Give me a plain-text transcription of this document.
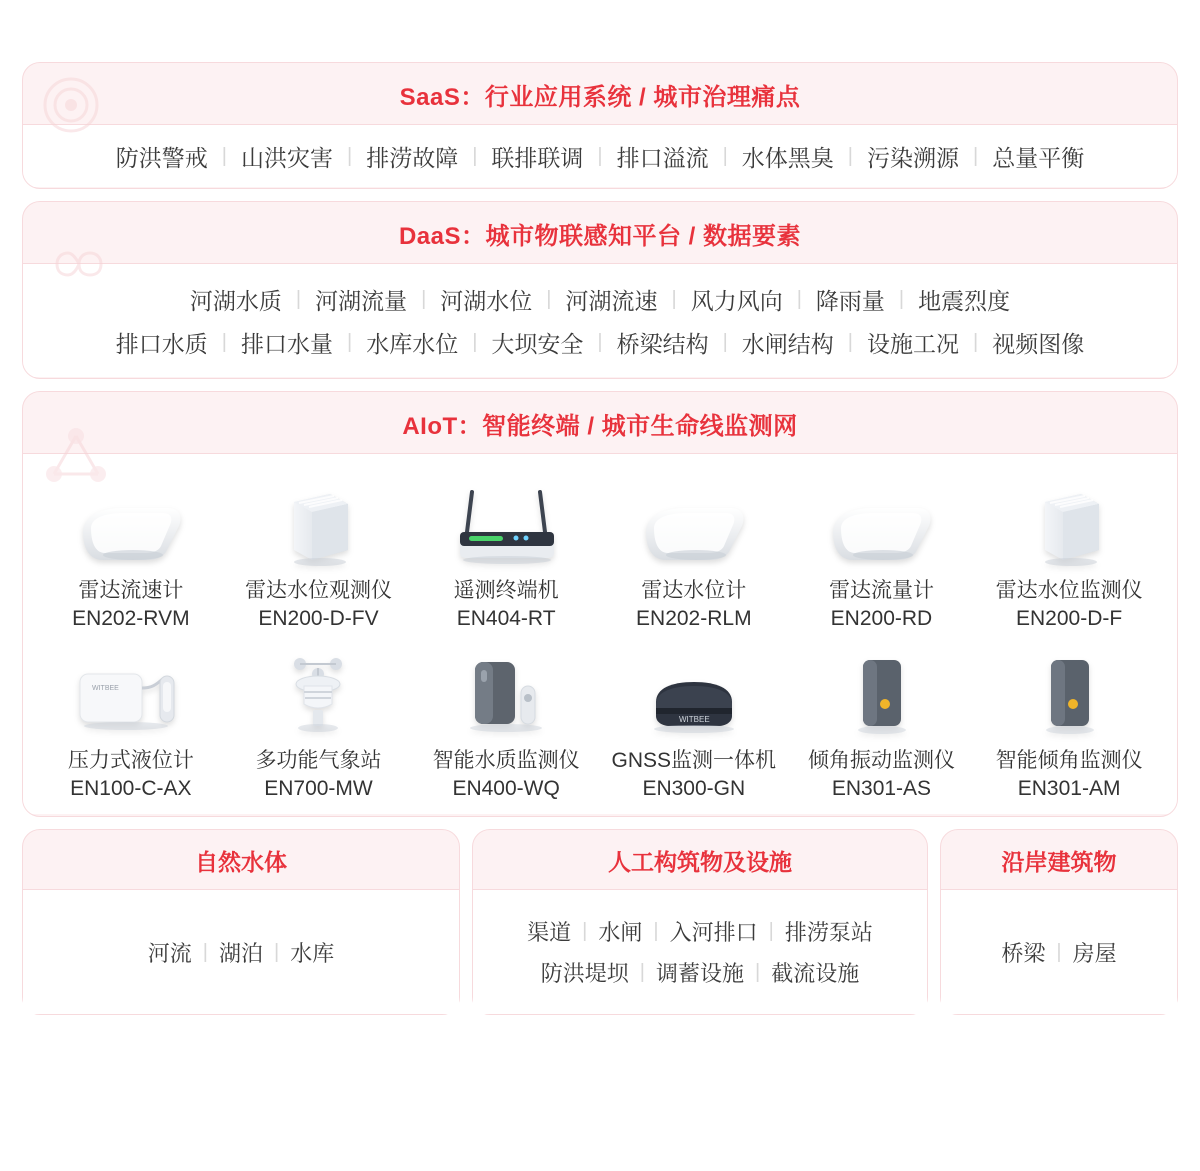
SaaS：行业应用系统 / 城市治理痛点
防洪警戒 | 山洪灾害 | 排涝故障 | 联排联调 | 排口溢流 | 水体黑臭 | 污染溯源 | 总量平衡
DaaS：城市物联感知平台 / 数据要素
河湖水质 | 河湖流量 | 河湖水位 | 河湖流速 | 风力风向 | 降雨量 | 地震烈度
排口水质 | 排口水量 | 水库水位 | 大坝安全 | 桥梁结构 | 水闸结构 | 设施工况 | 视频图像
AIoT：智能终端 / 城市生命线监测网
雷达流速计
EN202-RVM
雷达水位观测仪
EN200-D-FV
遥测终端机
EN404-RT
雷达水位计
EN202-RLM
雷达流量计
EN200-RD
雷达水位监测仪
EN200-D-F
WITBEE
压力式液位计
EN100-C-AX
多功能气象站
EN700-MW
智能水质监测仪
EN400-WQ
WITBEE
GNSS监测一体机
EN300-GN
倾角振动监测仪
EN301-AS
智能倾角监测仪
EN301-AM
自然水体
河流 | 湖泊 | 水库
人工构筑物及设施
渠道 | 水闸 | 入河排口 | 排涝泵站
防洪堤坝 | 调蓄设施 | 截流设施
沿岸建筑物
桥梁 | 房屋
